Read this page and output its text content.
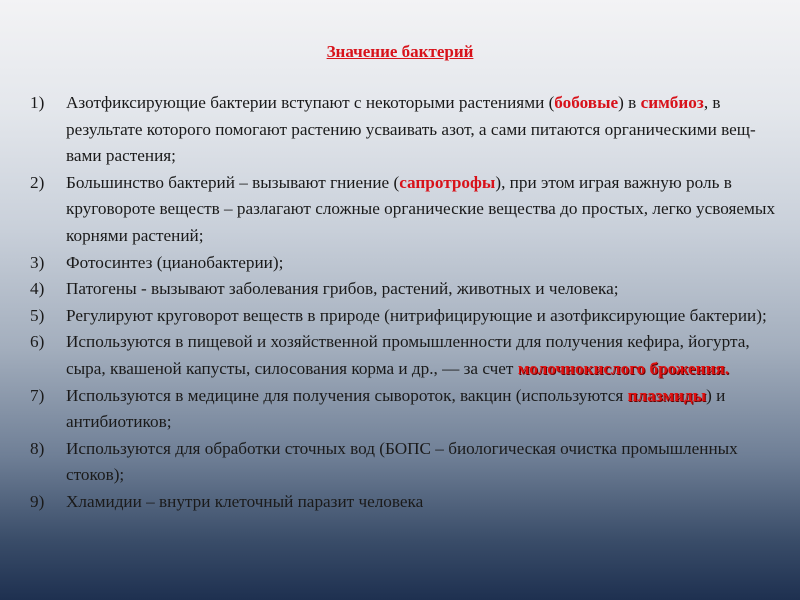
Значение бактерий

1)	Азотфиксирующие бактерии вступают с некоторыми растениями (бобовые) в симбиоз, в результате которого помогают растению усваивать азот, а сами питаются органическими вещ-вами растения;
2)	Большинство бактерий – вызывают гниение (сапротрофы), при этом играя важную роль в круговороте веществ – разлагают сложные органические вещества до простых, легко усвояемых корнями растений;
3)	Фотосинтез (цианобактерии);
4)	Патогены - вызывают заболевания грибов, растений, животных и человека;
5)	Регулируют круговорот веществ в природе (нитрифицирующие и азотфиксирующие бактерии);
6)	Используются в пищевой и хозяйственной промышленности для получения кефира, йогурта, сыра, квашеной капусты, силосования корма и др., — за счет молочнокислого брожения.
7)	Используются в медицине для получения сывороток, вакцин (используются плазмиды) и антибиотиков;
8)	Используются для обработки сточных вод (БОПС – биологическая очистка промышленных стоков);
9)	Хламидии – внутри клеточный паразит человека
